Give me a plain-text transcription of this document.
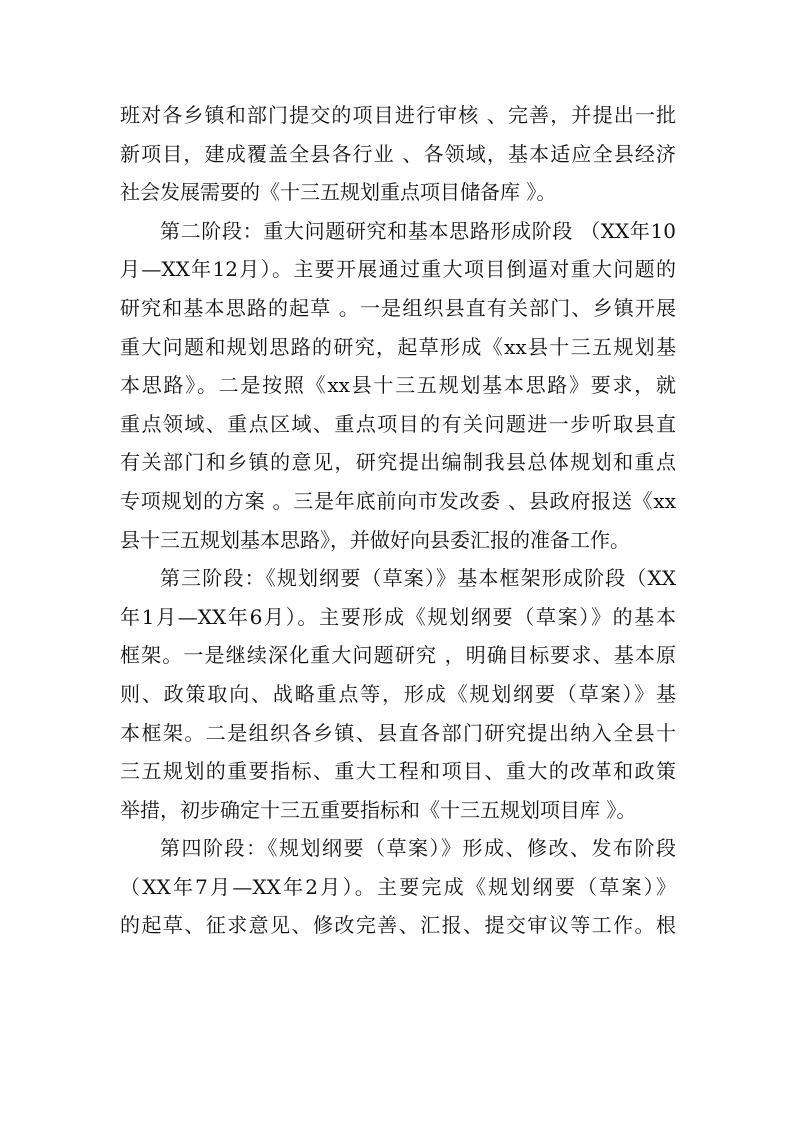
班对各乡镇和部门提交的项目进行审核 、完善，并提出一批
新项目，建成覆盖全县各行业 、各领域，基本适应全县经济
社会发展需要的《十三五规划重点项目储备库 》。
第二阶段：重大问题研究和基本思路形成阶段 （XX年10
月—XX年12月）。主要开展通过重大项目倒逼对重大问题的
研究和基本思路的起草 。一是组织县直有关部门、乡镇开展
重大问题和规划思路的研究，起草形成《xx县十三五规划基
本思路》。二是按照《xx县十三五规划基本思路》要求，就
重点领域、重点区域、重点项目的有关问题进一步听取县直
有关部门和乡镇的意见，研究提出编制我县总体规划和重点
专项规划的方案 。三是年底前向市发改委 、县政府报送《xx
县十三五规划基本思路》，并做好向县委汇报的准备工作。
第三阶段：《规划纲要（草案）》基本框架形成阶段（XX
年1月—XX年6月）。主要形成《规划纲要（草案）》的基本
框架。一是继续深化重大问题研究 ，明确目标要求、基本原
则、政策取向、战略重点等，形成《规划纲要（草案）》基
本框架。二是组织各乡镇、县直各部门研究提出纳入全县十
三五规划的重要指标、重大工程和项目、重大的改革和政策
举措，初步确定十三五重要指标和《十三五规划项目库 》。
第四阶段：《规划纲要（草案）》形成、修改、发布阶段
（XX年7月—XX年2月）。主要完成《规划纲要（草案）》
的起草、征求意见、修改完善、汇报、提交审议等工作。根
